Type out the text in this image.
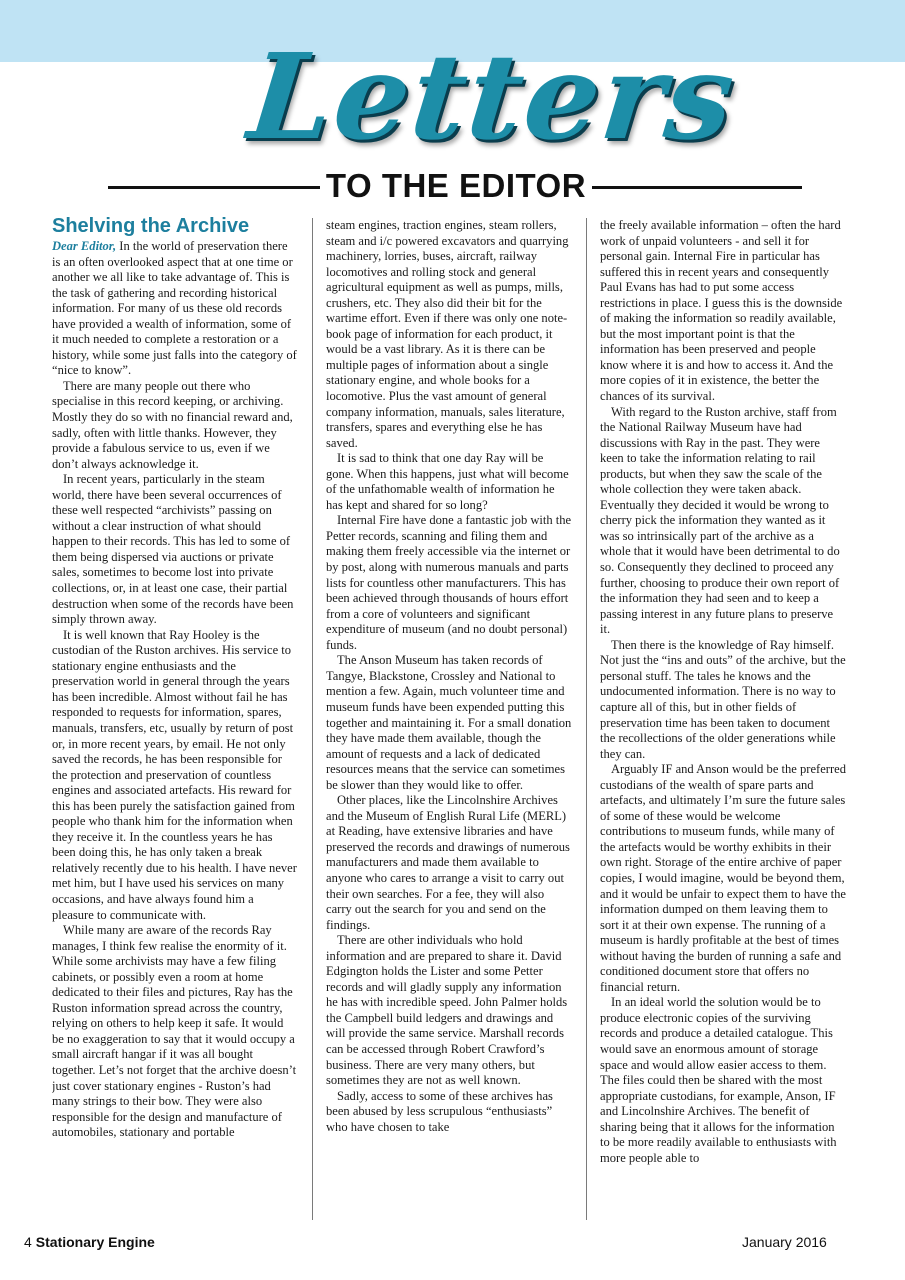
Letters
TO THE EDITOR
Shelving the Archive

Dear Editor, In the world of preservation there is an often overlooked aspect that at one time or another we all like to take advantage of. This is the task of gathering and recording historical information. For many of us these old records have provided a wealth of information, some of it much needed to complete a restoration or a history, while some just falls into the category of “nice to know”.

There are many people out there who specialise in this record keeping, or archiving. Mostly they do so with no financial reward and, sadly, often with little thanks. However, they provide a fabulous service to us, even if we don’t always acknowledge it.

In recent years, particularly in the steam world, there have been several occurrences of these well respected “archivists” passing on without a clear instruction of what should happen to their records. This has led to some of them being dispersed via auctions or private sales, sometimes to become lost into private collections, or, in at least one case, their partial destruction when some of the records have been simply thrown away.

It is well known that Ray Hooley is the custodian of the Ruston archives. His service to stationary engine enthusiasts and the preservation world in general through the years has been incredible. Almost without fail he has responded to requests for information, spares, manuals, transfers, etc, usually by return of post or, in more recent years, by email. He not only saved the records, he has been responsible for the protection and preservation of countless engines and associated artefacts. His reward for this has been purely the satisfaction gained from people who thank him for the information when they receive it. In the countless years he has been doing this, he has only taken a break relatively recently due to his health. I have never met him, but I have used his services on many occasions, and have always found him a pleasure to communicate with.

While many are aware of the records Ray manages, I think few realise the enormity of it. While some archivists may have a few filing cabinets, or possibly even a room at home dedicated to their files and pictures, Ray has the Ruston information spread across the country, relying on others to help keep it safe. It would be no exaggeration to say that it would occupy a small aircraft hangar if it was all bought together. Let’s not forget that the archive doesn’t just cover stationary engines - Ruston’s had many strings to their bow. They were also responsible for the design and manufacture of automobiles, stationary and portable

steam engines, traction engines, steam rollers, steam and i/c powered excavators and quarrying machinery, lorries, buses, aircraft, railway locomotives and rolling stock and general agricultural equipment as well as pumps, mills, crushers, etc. They also did their bit for the wartime effort. Even if there was only one note-book page of information for each product, it would be a vast library. As it is there can be multiple pages of information about a single stationary engine, and whole books for a locomotive. Plus the vast amount of general company information, manuals, sales literature, transfers, spares and everything else he has saved.

It is sad to think that one day Ray will be gone. When this happens, just what will become of the unfathomable wealth of information he has kept and shared for so long?

Internal Fire have done a fantastic job with the Petter records, scanning and filing them and making them freely accessible via the internet or by post, along with numerous manuals and parts lists for countless other manufacturers. This has been achieved through thousands of hours effort from a core of volunteers and significant expenditure of museum (and no doubt personal) funds.

The Anson Museum has taken records of Tangye, Blackstone, Crossley and National to mention a few. Again, much volunteer time and museum funds have been expended putting this together and maintaining it. For a small donation they have made them available, though the amount of requests and a lack of dedicated resources means that the service can sometimes be slower than they would like to offer.

Other places, like the Lincolnshire Archives and the Museum of English Rural Life (MERL) at Reading, have extensive libraries and have preserved the records and drawings of numerous manufacturers and made them available to anyone who cares to arrange a visit to carry out their own searches. For a fee, they will also carry out the search for you and send on the findings.

There are other individuals who hold information and are prepared to share it. David Edgington holds the Lister and some Petter records and will gladly supply any information he has with incredible speed. John Palmer holds the Campbell build ledgers and drawings and will provide the same service. Marshall records can be accessed through Robert Crawford’s business. There are very many others, but sometimes they are not as well known.

Sadly, access to some of these archives has been abused by less scrupulous “enthusiasts” who have chosen to take

the freely available information – often the hard work of unpaid volunteers - and sell it for personal gain. Internal Fire in particular has suffered this in recent years and consequently Paul Evans has had to put some access restrictions in place. I guess this is the downside of making the information so readily available, but the most important point is that the information has been preserved and people know where it is and how to access it. And the more copies of it in existence, the better the chances of its survival.

With regard to the Ruston archive, staff from the National Railway Museum have had discussions with Ray in the past. They were keen to take the information relating to rail products, but when they saw the scale of the whole collection they were taken aback. Eventually they decided it would be wrong to cherry pick the information they wanted as it was so intrinsically part of the archive as a whole that it would have been detrimental to do so. Consequently they declined to proceed any further, choosing to produce their own report of the information they had seen and to keep a passing interest in any future plans to preserve it.

Then there is the knowledge of Ray himself. Not just the “ins and outs” of the archive, but the personal stuff. The tales he knows and the undocumented information. There is no way to capture all of this, but in other fields of preservation time has been taken to document the recollections of the older generations while they can.

Arguably IF and Anson would be the preferred custodians of the wealth of spare parts and artefacts, and ultimately I’m sure the future sales of some of these would be welcome contributions to museum funds, while many of the artefacts would be worthy exhibits in their own right. Storage of the entire archive of paper copies, I would imagine, would be beyond them, and it would be unfair to expect them to have the information dumped on them leaving them to sort it at their own expense. The running of a museum is hardly profitable at the best of times without having the burden of running a safe and conditioned document store that offers no financial return.

In an ideal world the solution would be to produce electronic copies of the surviving records and produce a detailed catalogue. This would save an enormous amount of storage space and would allow easier access to them. The files could then be shared with the most appropriate custodians, for example, Anson, IF and Lincolnshire Archives. The benefit of sharing being that it allows for the information to be more readily available to enthusiasts with more people able to

4 Stationary Engine	January 2016
